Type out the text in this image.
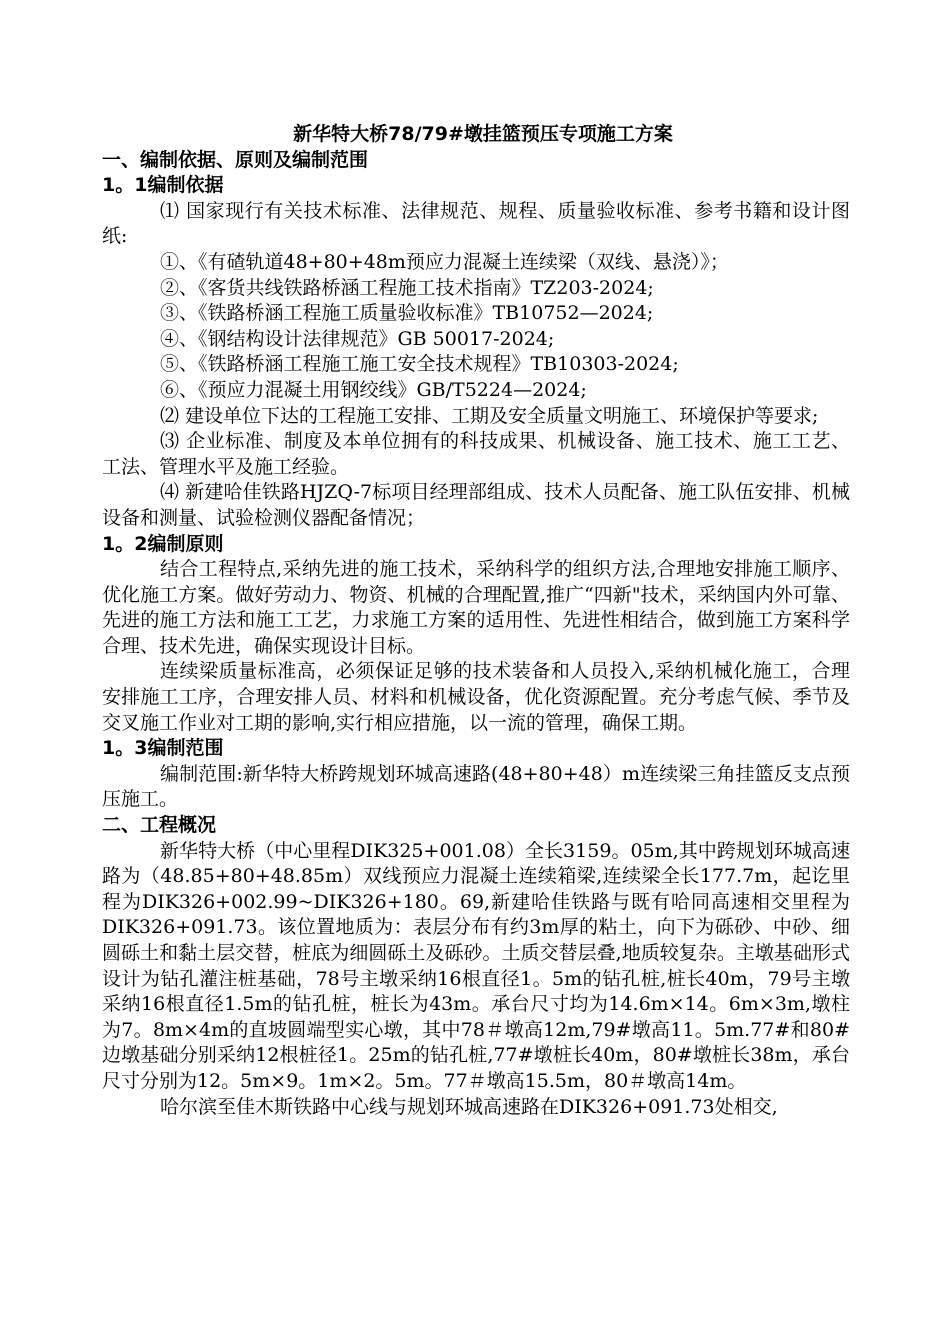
新华特大桥78/79#墩挂篮预压专项施工方案

一、编制依据、原则及编制范围

1。1编制依据

⑴ 国家现行有关技术标准、法律规范、规程、质量验收标准、参考书籍和设计图纸:

①、《有碴轨道48+80+48m预应力混凝土连续梁（双线、悬浇）》；

②、《客货共线铁路桥涵工程施工技术指南》TZ203-2024;

③、《铁路桥涵工程施工质量验收标准》TB10752—2024;

④、《钢结构设计法律规范》GB 50017-2024;

⑤、《铁路桥涵工程施工施工安全技术规程》TB10303-2024;

⑥、《预应力混凝土用钢绞线》GB/T5224—2024;

⑵ 建设单位下达的工程施工安排、工期及安全质量文明施工、环境保护等要求;

⑶ 企业标准、制度及本单位拥有的科技成果、机械设备、施工技术、施工工艺、工法、管理水平及施工经验。

⑷ 新建哈佳铁路HJZQ-7标项目经理部组成、技术人员配备、施工队伍安排、机械设备和测量、试验检测仪器配备情况；

1。2编制原则

结合工程特点,采纳先进的施工技术，采纳科学的组织方法,合理地安排施工顺序、优化施工方案。做好劳动力、物资、机械的合理配置,推广“四新"技术，采纳国内外可靠、先进的施工方法和施工工艺，力求施工方案的适用性、先进性相结合，做到施工方案科学合理、技术先进，确保实现设计目标。

连续梁质量标准高，必须保证足够的技术装备和人员投入,采纳机械化施工，合理安排施工工序，合理安排人员、材料和机械设备，优化资源配置。充分考虑气候、季节及交叉施工作业对工期的影响,实行相应措施，以一流的管理，确保工期。

1。3编制范围

编制范围:新华特大桥跨规划环城高速路(48+80+48）m连续梁三角挂篮反支点预压施工。

二、工程概况

新华特大桥（中心里程DIK325+001.08）全长3159。05m,其中跨规划环城高速路为（48.85+80+48.85m）双线预应力混凝土连续箱梁,连续梁全长177.7m，起讫里程为DIK326+002.99~DIK326+180。69,新建哈佳铁路与既有哈同高速相交里程为DIK326+091.73。该位置地质为：表层分布有约3m厚的粘土，向下为砾砂、中砂、细圆砾土和黏土层交替，桩底为细圆砾土及砾砂。土质交替层叠,地质较复杂。主墩基础形式设计为钻孔灌注桩基础，78号主墩采纳16根直径1。5m的钻孔桩,桩长40m，79号主墩采纳16根直径1.5m的钻孔桩，桩长为43m。承台尺寸均为14.6m×14。6m×3m,墩柱为7。8m×4m的直坡圆端型实心墩，其中78＃墩高12m,79#墩高11。5m.77#和80#边墩基础分别采纳12根桩径1。25m的钻孔桩,77#墩桩长40m，80#墩桩长38m，承台尺寸分别为12。5m×9。1m×2。5m。77＃墩高15.5m，80＃墩高14m。

哈尔滨至佳木斯铁路中心线与规划环城高速路在DIK326+091.73处相交,
